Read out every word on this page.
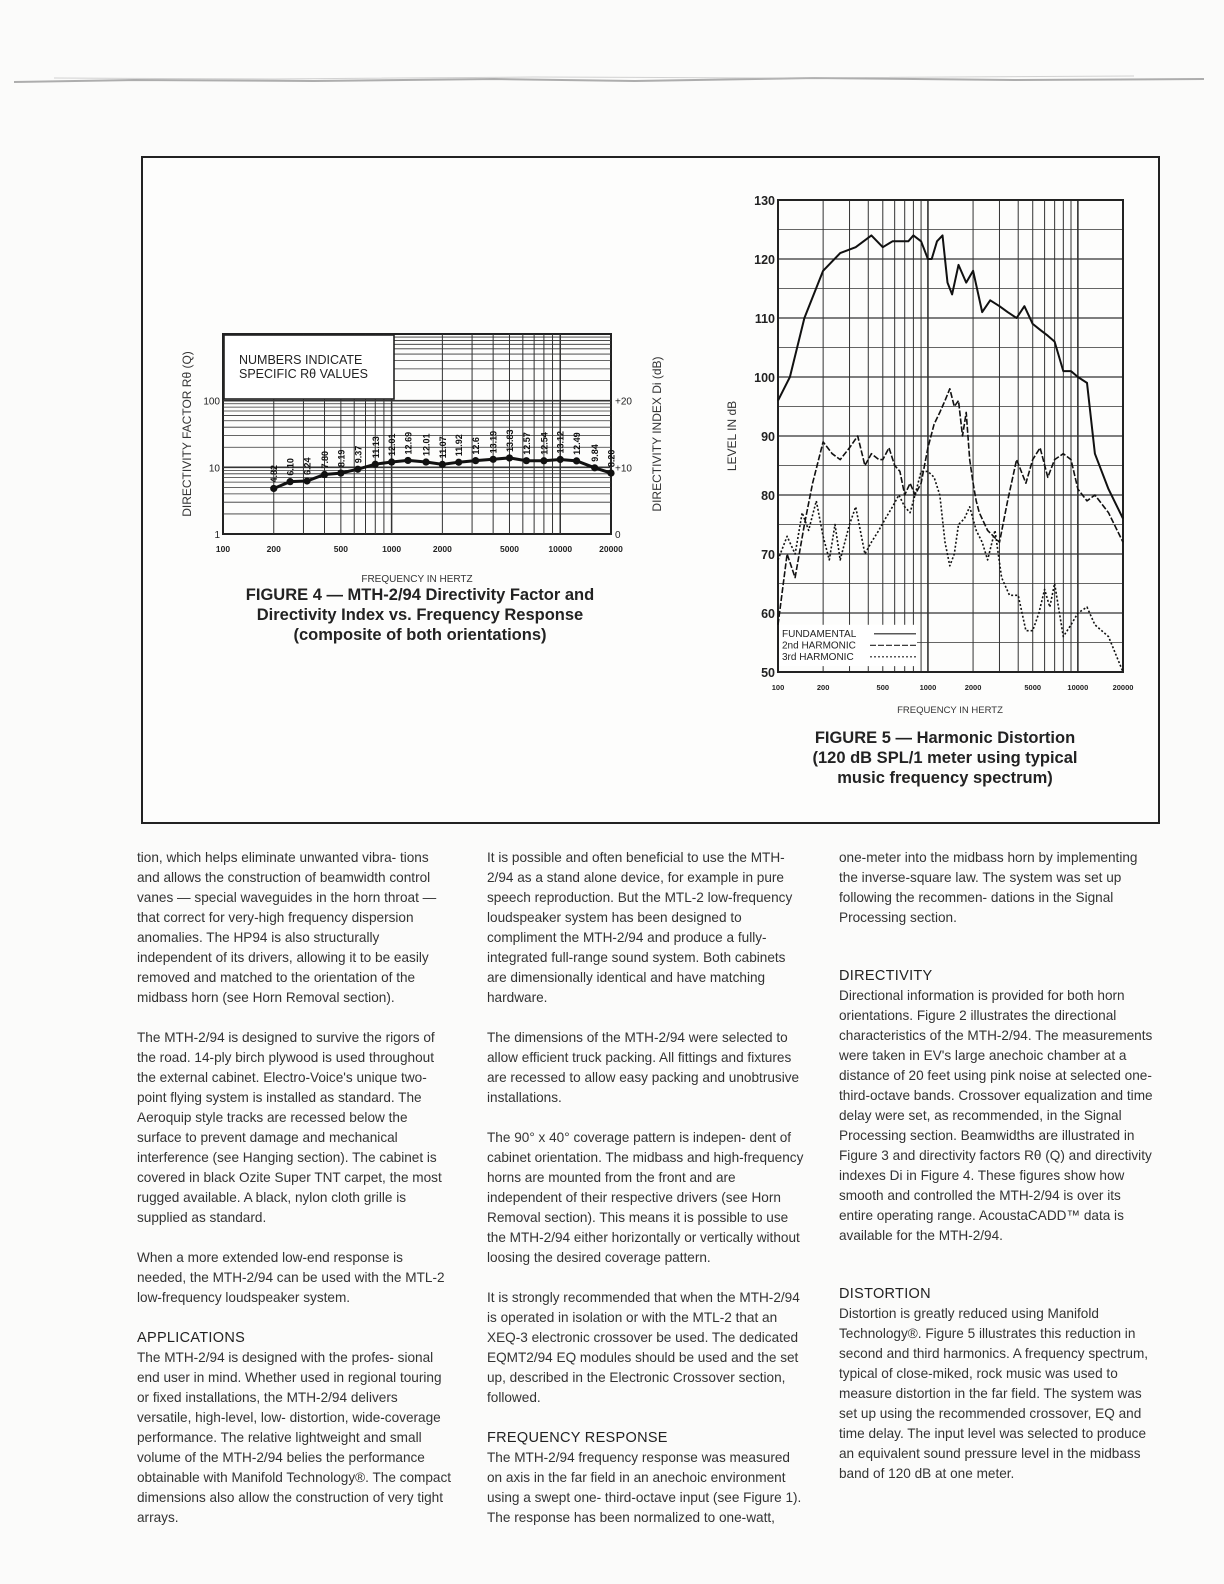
NUMBERS INDICATE
SPECIFIC Rθ VALUES
100
10
1
+20
+10
0
100	200	500	1000	2000	5000	10000	20000
4.82 6.10 6.24 7.80 8.19 9.37 11.13 12.01 12.69 12.01 11.07 11.92 12.6 13.19 13.83 12.57 12.54 13.12 12.49 9.84 8.20
DIRECTIVITY FACTOR Rθ (Q)	DIRECTIVITY INDEX Di (dB)
FREQUENCY IN HERTZ
FIGURE 4 — MTH-2/94 Directivity Factor and
Directivity Index vs. Frequency Response
(composite of both orientations)
130
120
110
100
90
80
70
60
50
100	200	500	1000	2000	5000	10000	20000
FUNDAMENTAL
2nd HARMONIC
3rd HARMONIC
LEVEL IN dB
FREQUENCY IN HERTZ
FIGURE 5 — Harmonic Distortion
(120 dB SPL/1 meter using typical
music frequency spectrum)

tion, which helps eliminate unwanted vibra- tions and allows the construction of beamwidth control vanes — special waveguides in the horn throat — that correct for very-high frequency dispersion anomalies. The HP94 is also structurally independent of its drivers, allowing it to be easily removed and matched to the orientation of the midbass horn (see Horn Removal section).

The MTH-2/94 is designed to survive the rigors of the road. 14-ply birch plywood is used throughout the external cabinet. Electro-Voice's unique two-point flying system is installed as standard. The Aeroquip style tracks are recessed below the surface to prevent damage and mechanical interference (see Hanging section). The cabinet is covered in black Ozite Super TNT carpet, the most rugged available. A black, nylon cloth grille is supplied as standard.

When a more extended low-end response is needed, the MTH-2/94 can be used with the MTL-2 low-frequency loudspeaker system.

APPLICATIONS

The MTH-2/94 is designed with the profes- sional end user in mind. Whether used in regional touring or fixed installations, the MTH-2/94 delivers versatile, high-level, low- distortion, wide-coverage performance. The relative lightweight and small volume of the MTH-2/94 belies the performance obtainable with Manifold Technology®. The compact dimensions also allow the construction of very tight arrays.

It is possible and often beneficial to use the MTH-2/94 as a stand alone device, for example in pure speech reproduction. But the MTL-2 low-frequency loudspeaker system has been designed to compliment the MTH-2/94 and produce a fully-integrated full-range sound system. Both cabinets are dimensionally identical and have matching hardware.

The dimensions of the MTH-2/94 were selected to allow efficient truck packing. All fittings and fixtures are recessed to allow easy packing and unobtrusive installations.

The 90° x 40° coverage pattern is indepen- dent of cabinet orientation. The midbass and high-frequency horns are mounted from the front and are independent of their respective drivers (see Horn Removal section). This means it is possible to use the MTH-2/94 either horizontally or vertically without loosing the desired coverage pattern.

It is strongly recommended that when the MTH-2/94 is operated in isolation or with the MTL-2 that an XEQ-3 electronic crossover be used. The dedicated EQMT2/94 EQ modules should be used and the set up, described in the Electronic Crossover section, followed.

FREQUENCY RESPONSE

The MTH-2/94 frequency response was measured on axis in the far field in an anechoic environment using a swept one- third-octave input (see Figure 1). The response has been normalized to one-watt,

one-meter into the midbass horn by implementing the inverse-square law. The system was set up following the recommen- dations in the Signal Processing section.

DIRECTIVITY

Directional information is provided for both horn orientations. Figure 2 illustrates the directional characteristics of the MTH-2/94. The measurements were taken in EV's large anechoic chamber at a distance of 20 feet using pink noise at selected one-third-octave bands. Crossover equalization and time delay were set, as recommended, in the Signal Processing section. Beamwidths are illustrated in Figure 3 and directivity factors Rθ (Q) and directivity indexes Di in Figure 4. These figures show how smooth and controlled the MTH-2/94 is over its entire operating range. AcoustaCADD™ data is available for the MTH-2/94.

DISTORTION

Distortion is greatly reduced using Manifold Technology®. Figure 5 illustrates this reduction in second and third harmonics. A frequency spectrum, typical of close-miked, rock music was used to measure distortion in the far field. The system was set up using the recommended crossover, EQ and time delay. The input level was selected to produce an equivalent sound pressure level in the midbass band of 120 dB at one meter.
